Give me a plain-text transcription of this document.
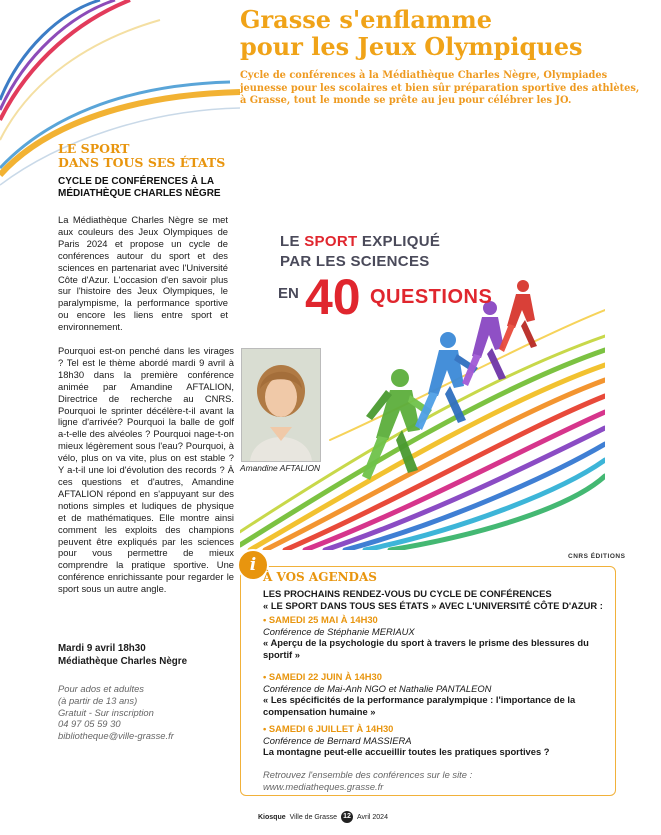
Grasse s'enflamme
pour les Jeux Olympiques
Cycle de conférences à la Médiathèque Charles Nègre, Olympiades jeunesse pour les scolaires et bien sûr préparation sportive des athlètes, à Grasse, tout le monde se prête au jeu pour célébrer les JO.
LE SPORT
DANS TOUS SES ÉTATS
CYCLE DE CONFÉRENCES À LA MÉDIATHÈQUE CHARLES NÈGRE

La Médiathèque Charles Nègre se met aux couleurs des Jeux Olympiques de Paris 2024 et propose un cycle de conférences autour du sport et des sciences en partenariat avec l'Université Côte d'Azur. L'occasion d'en savoir plus sur l'histoire des Jeux Olympiques, le paralympisme, la performance sportive ou encore les liens entre sport et environnement.

Pourquoi est-on penché dans les virages ? Tel est le thème abordé mardi 9 avril à 18h30 dans la première conférence animée par Amandine AFTALION, Directrice de recherche au CNRS. Pourquoi le sprinter décélère-t-il avant la ligne d'arrivée? Pourquoi la balle de golf a-t-elle des alvéoles ? Pourquoi nage-t-on mieux légèrement sous l'eau? Pourquoi, à vélo, plus on va vite, plus on est stable ? Y a-t-il une loi d'évolution des records ? À ces questions et d'autres, Amandine AFTALION répond en s'appuyant sur des notions simples et ludiques de physique et de mathématiques. Elle montre ainsi comment les exploits des champions peuvent être expliqués par les sciences pour vous permettre de mieux comprendre la pratique sportive. Une conférence enrichissante pour regarder le sport sous un autre angle.

Mardi 9 avril 18h30
Médiathèque Charles Nègre
Pour ados et adultes
(à partir de 13 ans)
Gratuit - Sur inscription
04 97 05 59 30
bibliotheque@ville-grasse.fr
LE SPORT EXPLIQUÉ
PAR LES SCIENCES
EN 40 QUESTIONS
CNRS ÉDITIONS
Amandine AFTALION
i
À VOS AGENDAS
LES PROCHAINS RENDEZ-VOUS DU CYCLE DE CONFÉRENCES
« LE SPORT DANS TOUS SES ÉTATS » AVEC L'UNIVERSITÉ CÔTE D'AZUR :
• SAMEDI 25 MAI À 14H30
Conférence de Stéphanie MERIAUX
« Aperçu de la psychologie du sport à travers le prisme des blessures du sportif »
• SAMEDI 22 JUIN À 14H30
Conférence de Mai-Anh NGO et Nathalie PANTALEON
« Les spécificités de la performance paralympique : l'importance de la compensation humaine »
• SAMEDI 6 JUILLET À 14H30
Conférence de Bernard MASSIERA
La montagne peut-elle accueillir toutes les pratiques sportives ?
Retrouvez l'ensemble des conférences sur le site :
www.mediatheques.grasse.fr
Kiosque Ville de Grasse 12 Avril 2024
